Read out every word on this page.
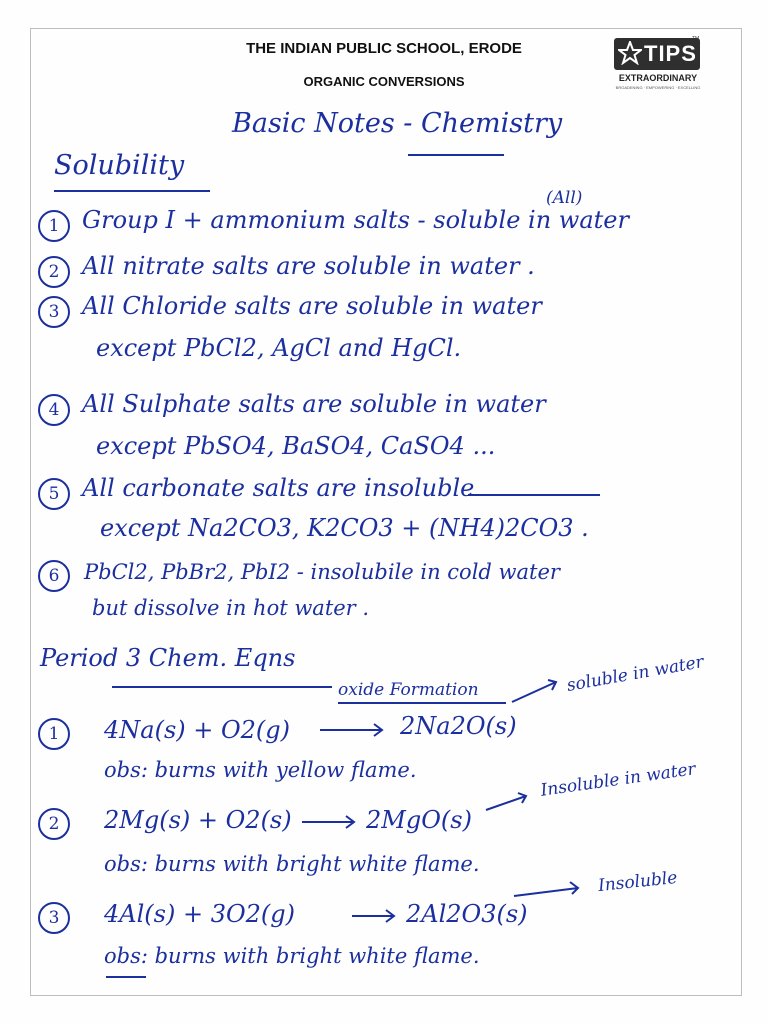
THE INDIAN PUBLIC SCHOOL, ERODE
ORGANIC CONVERSIONS
TIPS
TM
EXTRAORDINARY
BROADENING · EMPOWERING · EXCELLING
Basic Notes - Chemistry
Solubility
(All)
1 Group I + ammonium salts - soluble in water
2 All nitrate salts are soluble in water .
3 All Chloride salts are soluble in water
except PbCl2, AgCl and HgCl.
4 All Sulphate salts are soluble in water
except PbSO4, BaSO4, CaSO4 ...
5 All carbonate salts are insoluble
except Na2CO3, K2CO3 + (NH4)2CO3 .
6	PbCl2, PbBr2, PbI2 - insolubile in cold water
but dissolve in hot water .
Period 3 Chem. Eqns
oxide Formation	soluble in water
1	4Na(s) + O2(g)	2Na2O(s)
obs: burns with yellow flame.	Insoluble in water
2	2Mg(s) + O2(s)	2MgO(s)
obs: burns with bright white flame.
Insoluble
3	4Al(s) + 3O2(g)	2Al2O3(s)
obs: burns with bright white flame.
